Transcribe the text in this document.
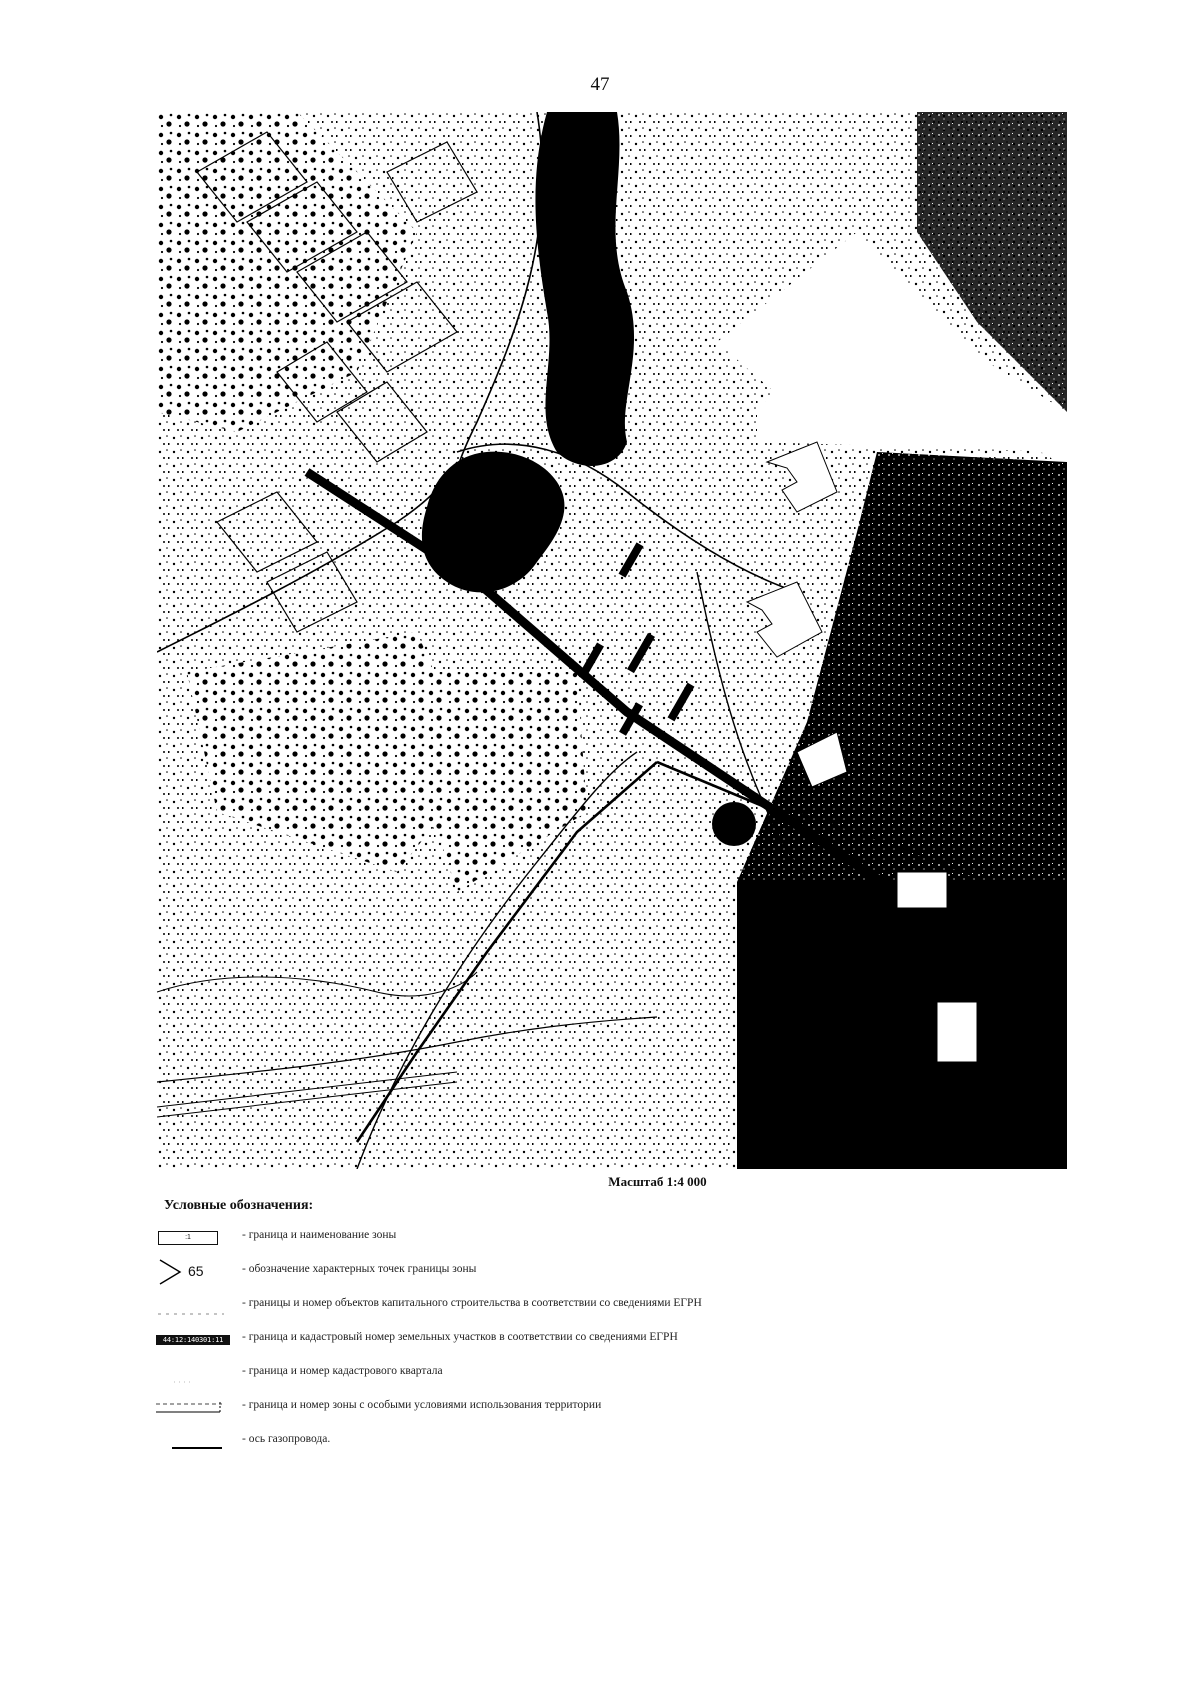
47
Масштаб 1:4 000
Условные обозначения:
:1	- граница и наименование зоны
65	- обозначение характерных точек границы зоны
- границы и номер объектов капитального строительства в соответствии со сведениями ЕГРН
44:12:140301:11	- граница и кадастровый номер земельных участков в соответствии со сведениями ЕГРН
- граница и номер кадастрового квартала
- граница и номер зоны с особыми условиями использования территории
- ось газопровода.
